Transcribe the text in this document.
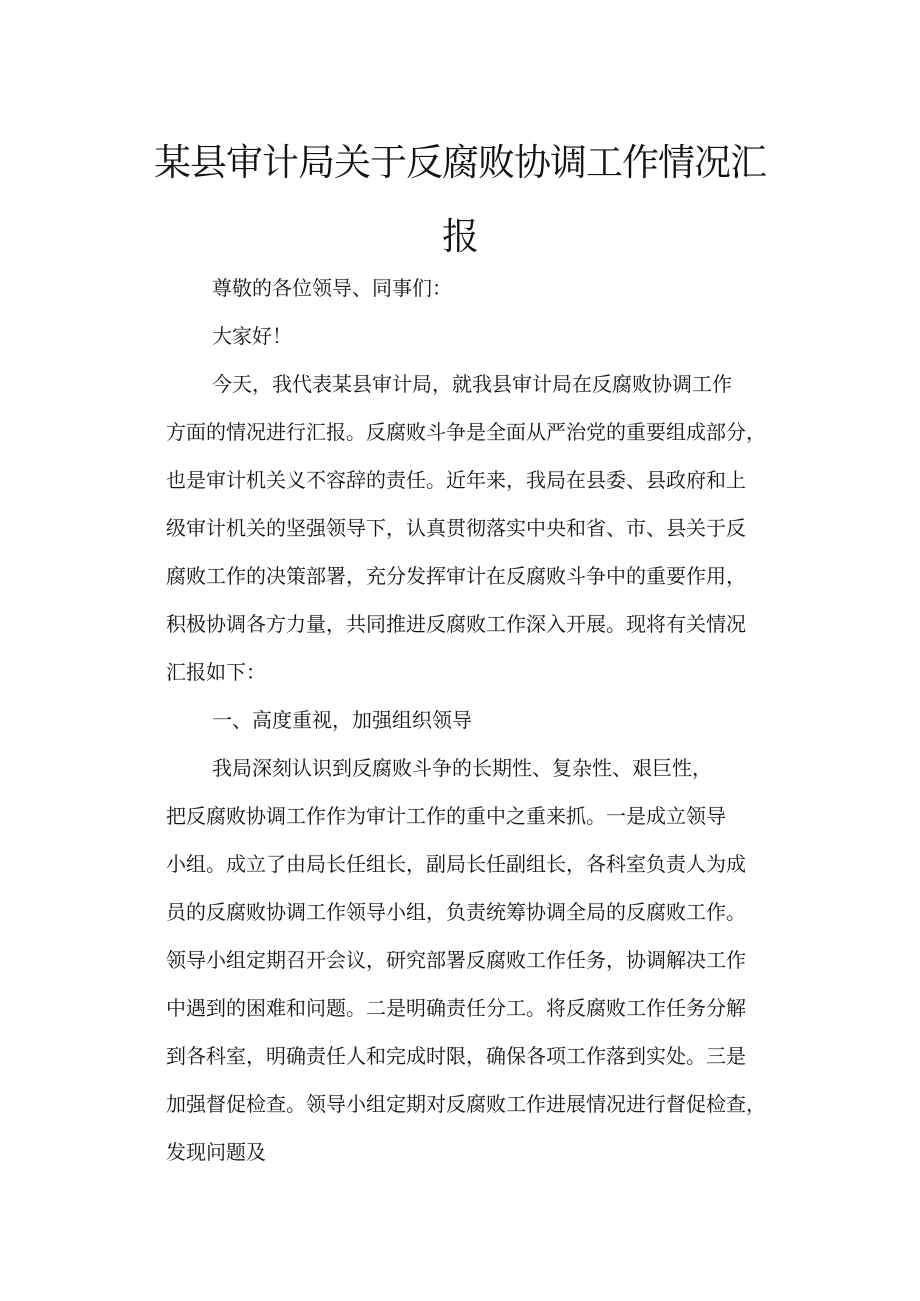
某县审计局关于反腐败协调工作情况汇
报
尊敬的各位领导、同事们：
大家好！
今天，我代表某县审计局，就我县审计局在反腐败协调工作
方面的情况进行汇报。反腐败斗争是全面从严治党的重要组成部分，
也是审计机关义不容辞的责任。近年来，我局在县委、县政府和上
级审计机关的坚强领导下，认真贯彻落实中央和省、市、县关于反
腐败工作的决策部署，充分发挥审计在反腐败斗争中的重要作用，
积极协调各方力量，共同推进反腐败工作深入开展。现将有关情况
汇报如下：
一、高度重视，加强组织领导
我局深刻认识到反腐败斗争的长期性、复杂性、艰巨性，
把反腐败协调工作作为审计工作的重中之重来抓。一是成立领导
小组。成立了由局长任组长，副局长任副组长，各科室负责人为成
员的反腐败协调工作领导小组，负责统筹协调全局的反腐败工作。
领导小组定期召开会议，研究部署反腐败工作任务，协调解决工作
中遇到的困难和问题。二是明确责任分工。将反腐败工作任务分解
到各科室，明确责任人和完成时限，确保各项工作落到实处。三是
加强督促检查。领导小组定期对反腐败工作进展情况进行督促检查，
发现问题及
